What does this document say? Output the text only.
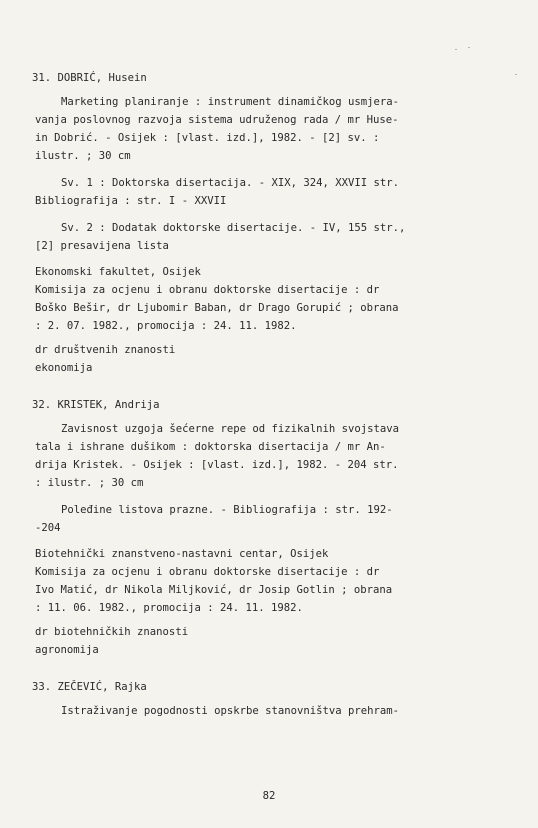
31. DOBRIĆ, Husein
Marketing planiranje : instrument dinamičkog usmjera-
vanja poslovnog razvoja sistema udruženog rada / mr Huse-
in Dobrić. - Osijek : [vlast. izd.], 1982. - [2] sv. :
ilustr. ; 30 cm
Sv. 1 : Doktorska disertacija. - XIX, 324, XXVII str.
Bibliografija : str. I - XXVII
Sv. 2 : Dodatak doktorske disertacije. - IV, 155 str.,
[2] presavijena lista
Ekonomski fakultet, Osijek
Komisija za ocjenu i obranu doktorske disertacije : dr
Boško Bešir, dr Ljubomir Baban, dr Drago Gorupić ; obrana
: 2. 07. 1982., promocija : 24. 11. 1982.
dr društvenih znanosti
ekonomija
32. KRISTEK, Andrija
Zavisnost uzgoja šećerne repe od fizikalnih svojstava
tala i ishrane dušikom : doktorska disertacija / mr An-
drija Kristek. - Osijek : [vlast. izd.], 1982. - 204 str.
: ilustr. ; 30 cm
Poleđine listova prazne. - Bibliografija : str. 192-
-204
Biotehnički znanstveno-nastavni centar, Osijek
Komisija za ocjenu i obranu doktorske disertacije : dr
Ivo Matić, dr Nikola Miljković, dr Josip Gotlin ; obrana
: 11. 06. 1982., promocija : 24. 11. 1982.
dr biotehničkih znanosti
agronomija
33. ZEČEVIĆ, Rajka
Istraživanje pogodnosti opskrbe stanovništva prehram-
82
